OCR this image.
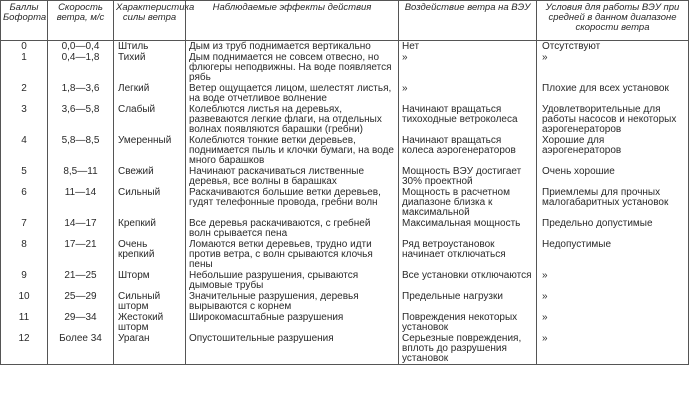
Баллы Бофорта	Скорость ветра, м/с	Характеристика силы ветра	Наблюдаемые эффекты действия	Воздействие ветра на ВЭУ	Условия для работы ВЭУ при средней в данном диапазоне скорости ветра
0	0,0—0,4	Штиль	Дым из труб поднимается вертикально	Нет	Отсутствуют
1	0,4—1,8	Тихий	Дым поднимается не совсем отвесно, но флюгеры неподвижны. На воде появляется рябь	»	»
2	1,8—3,6	Легкий	Ветер ощущается лицом, шелестят листья, на воде отчетливое волнение	»	Плохие для всех установок
3	3,6—5,8	Слабый	Колеблются листья на деревьях, развеваются легкие флаги, на отдельных волнах появляются барашки (гребни)	Начинают вращаться тихоходные ветроколеса	Удовлетворительные для работы насосов и некоторых аэрогенераторов
4	5,8—8,5	Умеренный	Колеблются тонкие ветки деревьев, поднимается пыль и клочки бумаги, на воде много барашков	Начинают вращаться колеса аэрогенераторов	Хорошие для аэрогенераторов
5	8,5—11	Свежий	Начинают раскачиваться лиственные деревья, все волны в барашках	Мощность ВЭУ достигает 30% проектной	Очень хорошие
6	11—14	Сильный	Раскачиваются большие ветки деревьев, гудят телефонные провода, гребни волн	Мощность в расчетном диапазоне близка к максимальной	Приемлемы для прочных малогабаритных установок
7	14—17	Крепкий	Все деревья раскачиваются, с гребней волн срывается пена	Максимальная мощность	Предельно допустимые
8	17—21	Очень крепкий	Ломаются ветки деревьев, трудно идти против ветра, с волн срываются клочья пены	Ряд ветроустановок начинает отключаться	Недопустимые
9	21—25	Шторм	Небольшие разрушения, срываются дымовые трубы	Все установки отключаются	»
10	25—29	Сильный шторм	Значительные разрушения, деревья вырываются с корнем	Предельные нагрузки	»
11	29—34	Жестокий шторм	Широкомасштабные разрушения	Повреждения некоторых установок	»
12	Более 34	Ураган	Опустошительные разрушения	Серьезные повреждения, вплоть до разрушения установок	»
